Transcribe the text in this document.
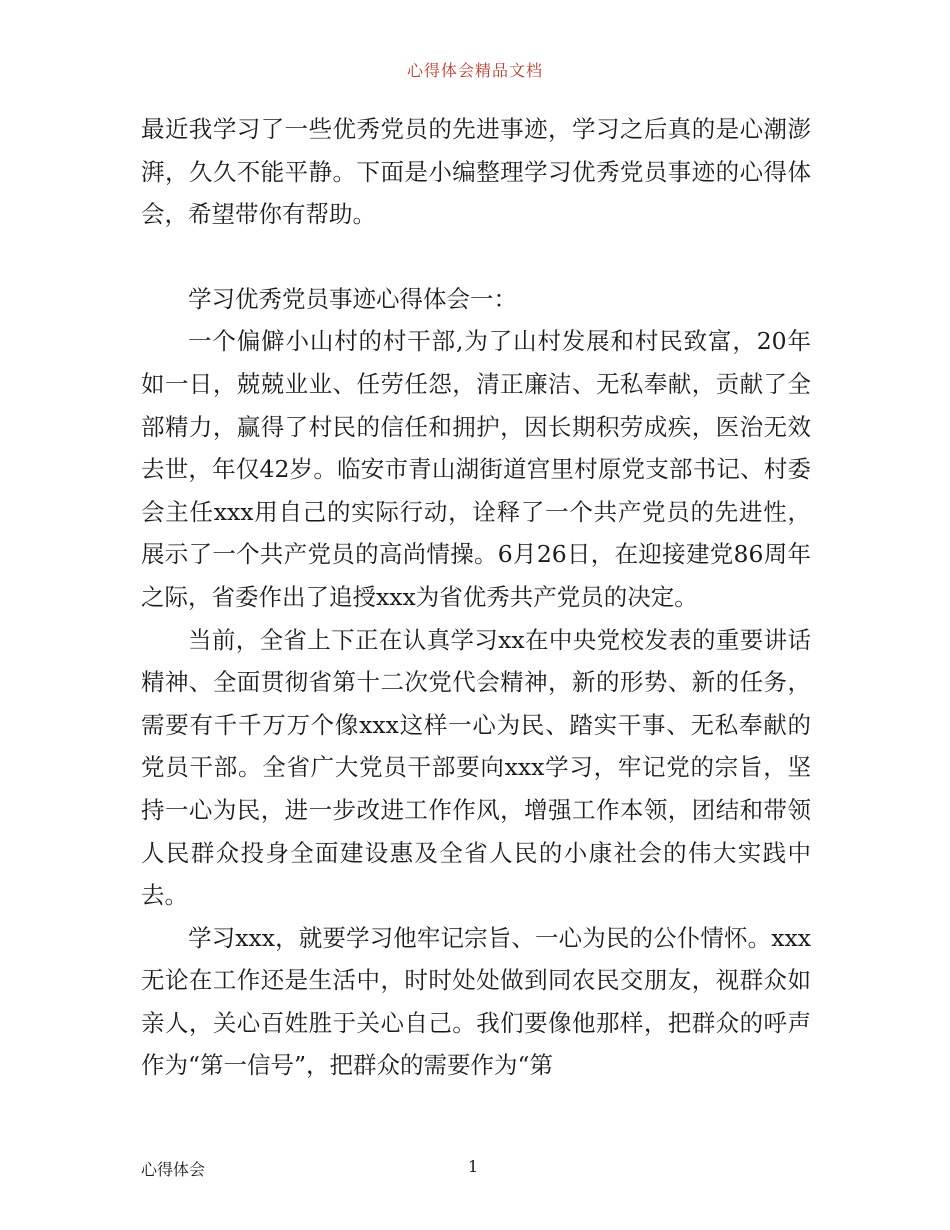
心得体会精品文档

最近我学习了一些优秀党员的先进事迹，学习之后真的是心潮澎湃，久久不能平静。下面是小编整理学习优秀党员事迹的心得体会，希望带你有帮助。

学习优秀党员事迹心得体会一：

一个偏僻小山村的村干部,为了山村发展和村民致富，20年如一日，兢兢业业、任劳任怨，清正廉洁、无私奉献，贡献了全部精力，赢得了村民的信任和拥护，因长期积劳成疾，医治无效去世，年仅42岁。临安市青山湖街道宫里村原党支部书记、村委会主任xxx用自己的实际行动，诠释了一个共产党员的先进性，展示了一个共产党员的高尚情操。6月26日，在迎接建党86周年之际，省委作出了追授xxx为省优秀共产党员的决定。

当前，全省上下正在认真学习xx在中央党校发表的重要讲话精神、全面贯彻省第十二次党代会精神，新的形势、新的任务，需要有千千万万个像xxx这样一心为民、踏实干事、无私奉献的党员干部。全省广大党员干部要向xxx学习，牢记党的宗旨，坚持一心为民，进一步改进工作作风，增强工作本领，团结和带领人民群众投身全面建设惠及全省人民的小康社会的伟大实践中去。

学习xxx，就要学习他牢记宗旨、一心为民的公仆情怀。xxx无论在工作还是生活中，时时处处做到同农民交朋友，视群众如亲人，关心百姓胜于关心自己。我们要像他那样，把群众的呼声作为“第一信号”，把群众的需要作为“第

心得体会	1
